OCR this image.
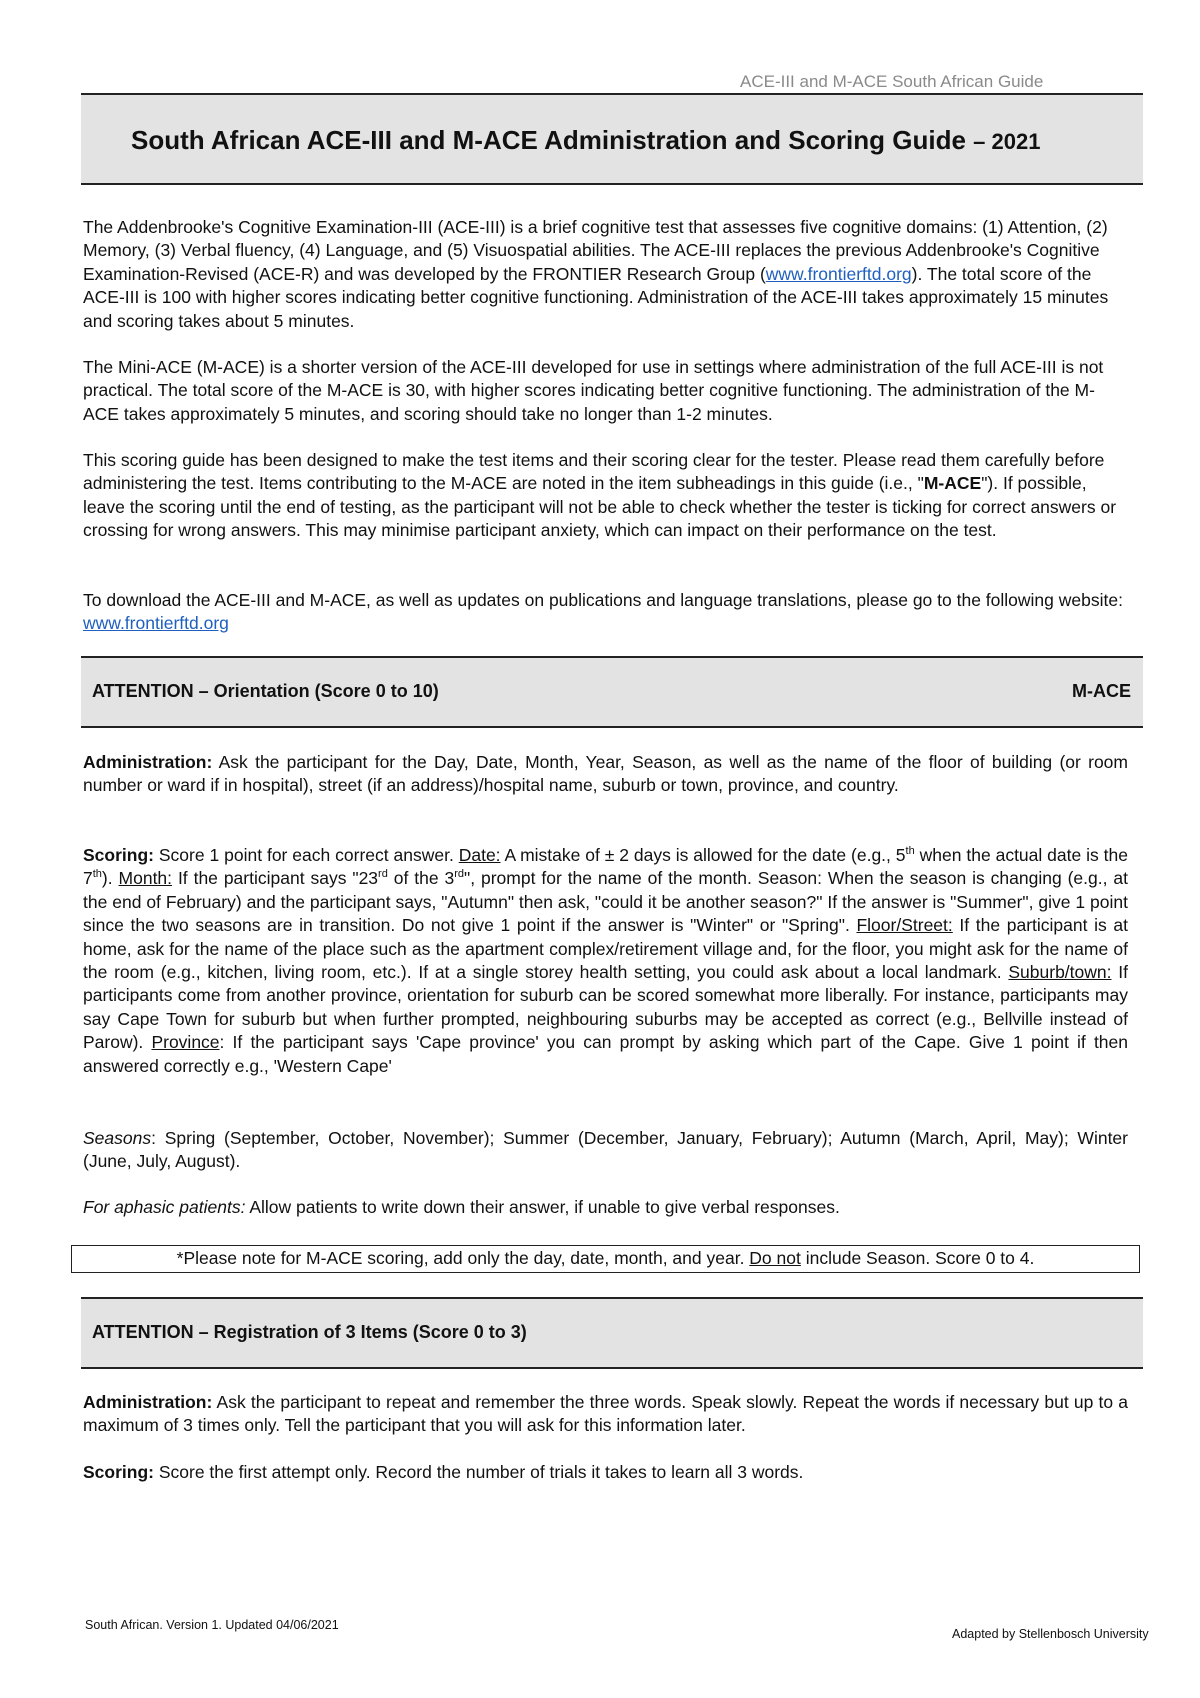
ACE-III and M-ACE South African Guide
South African ACE-III and M-ACE Administration and Scoring Guide – 2021

The Addenbrooke's Cognitive Examination-III (ACE-III) is a brief cognitive test that assesses five cognitive domains: (1) Attention, (2) Memory, (3) Verbal fluency, (4) Language, and (5) Visuospatial abilities. The ACE-III replaces the previous Addenbrooke's Cognitive Examination-Revised (ACE-R) and was developed by the FRONTIER Research Group (www.frontierftd.org). The total score of the ACE-III is 100 with higher scores indicating better cognitive functioning. Administration of the ACE-III takes approximately 15 minutes and scoring takes about 5 minutes.

The Mini-ACE (M-ACE) is a shorter version of the ACE-III developed for use in settings where administration of the full ACE-III is not practical. The total score of the M-ACE is 30, with higher scores indicating better cognitive functioning. The administration of the M-ACE takes approximately 5 minutes, and scoring should take no longer than 1-2 minutes.

This scoring guide has been designed to make the test items and their scoring clear for the tester. Please read them carefully before administering the test. Items contributing to the M-ACE are noted in the item subheadings in this guide (i.e., "M-ACE"). If possible, leave the scoring until the end of testing, as the participant will not be able to check whether the tester is ticking for correct answers or crossing for wrong answers. This may minimise participant anxiety, which can impact on their performance on the test.

To download the ACE-III and M-ACE, as well as updates on publications and language translations, please go to the following website: www.frontierftd.org

ATTENTION – Orientation (Score 0 to 10)	M-ACE

Administration: Ask the participant for the Day, Date, Month, Year, Season, as well as the name of the floor of building (or room number or ward if in hospital), street (if an address)/hospital name, suburb or town, province, and country.

Scoring: Score 1 point for each correct answer. Date: A mistake of ± 2 days is allowed for the date (e.g., 5th when the actual date is the 7th). Month: If the participant says "23rd of the 3rd", prompt for the name of the month. Season: When the season is changing (e.g., at the end of February) and the participant says, "Autumn" then ask, "could it be another season?" If the answer is "Summer", give 1 point since the two seasons are in transition. Do not give 1 point if the answer is "Winter" or "Spring". Floor/Street: If the participant is at home, ask for the name of the place such as the apartment complex/retirement village and, for the floor, you might ask for the name of the room (e.g., kitchen, living room, etc.). If at a single storey health setting, you could ask about a local landmark. Suburb/town: If participants come from another province, orientation for suburb can be scored somewhat more liberally. For instance, participants may say Cape Town for suburb but when further prompted, neighbouring suburbs may be accepted as correct (e.g., Bellville instead of Parow). Province: If the participant says 'Cape province' you can prompt by asking which part of the Cape. Give 1 point if then answered correctly e.g., 'Western Cape'

Seasons: Spring (September, October, November); Summer (December, January, February); Autumn (March, April, May); Winter (June, July, August).

For aphasic patients: Allow patients to write down their answer, if unable to give verbal responses.

*Please note for M-ACE scoring, add only the day, date, month, and year. Do not include Season. Score 0 to 4.
ATTENTION – Registration of 3 Items (Score 0 to 3)

Administration: Ask the participant to repeat and remember the three words. Speak slowly. Repeat the words if necessary but up to a maximum of 3 times only. Tell the participant that you will ask for this information later.

Scoring: Score the first attempt only. Record the number of trials it takes to learn all 3 words.

South African. Version 1. Updated 04/06/2021
Adapted by Stellenbosch University
